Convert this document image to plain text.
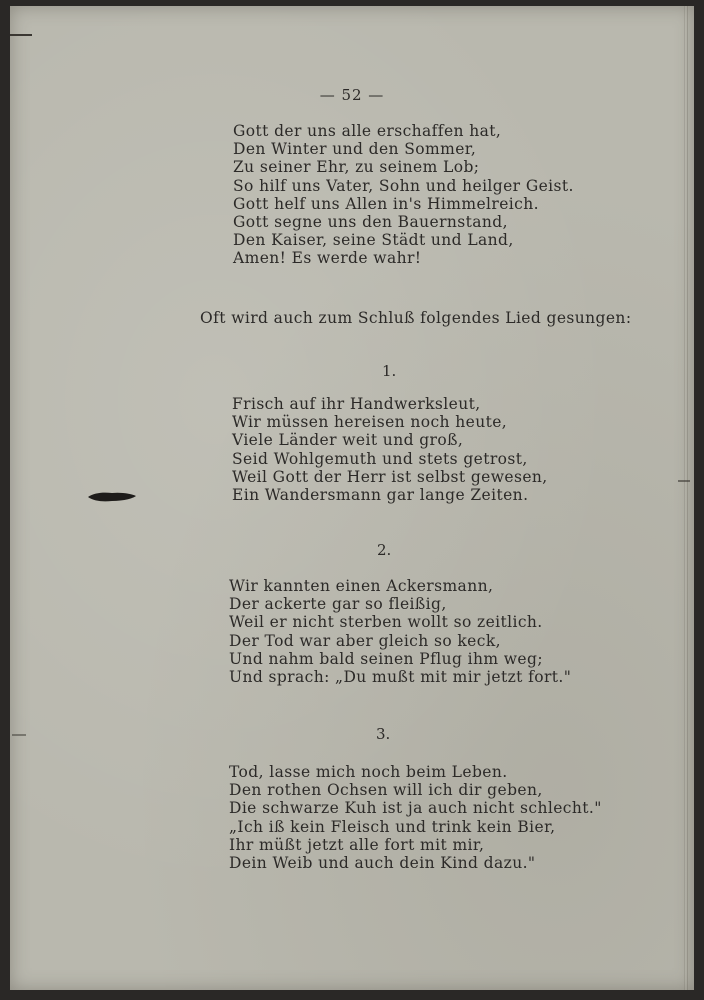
— 52 —
Gott der uns alle erschaffen hat,
Den Winter und den Sommer,
Zu seiner Ehr, zu seinem Lob;
So hilf uns Vater, Sohn und heilger Geist.
Gott helf uns Allen in's Himmelreich.
Gott segne uns den Bauernstand,
Den Kaiser, seine Städt und Land,
Amen! Es werde wahr!
Oft wird auch zum Schluß folgendes Lied gesungen:
1.
Frisch auf ihr Handwerksleut,
Wir müssen hereisen noch heute,
Viele Länder weit und groß,
Seid Wohlgemuth und stets getrost,
Weil Gott der Herr ist selbst gewesen,
Ein Wandersmann gar lange Zeiten.
2.
Wir kannten einen Ackersmann,
Der ackerte gar so fleißig,
Weil er nicht sterben wollt so zeitlich.
Der Tod war aber gleich so keck,
Und nahm bald seinen Pflug ihm weg;
Und sprach: „Du mußt mit mir jetzt fort."
3.
Tod, lasse mich noch beim Leben.
Den rothen Ochsen will ich dir geben,
Die schwarze Kuh ist ja auch nicht schlecht."
„Ich iß kein Fleisch und trink kein Bier,
Ihr müßt jetzt alle fort mit mir,
Dein Weib und auch dein Kind dazu."
